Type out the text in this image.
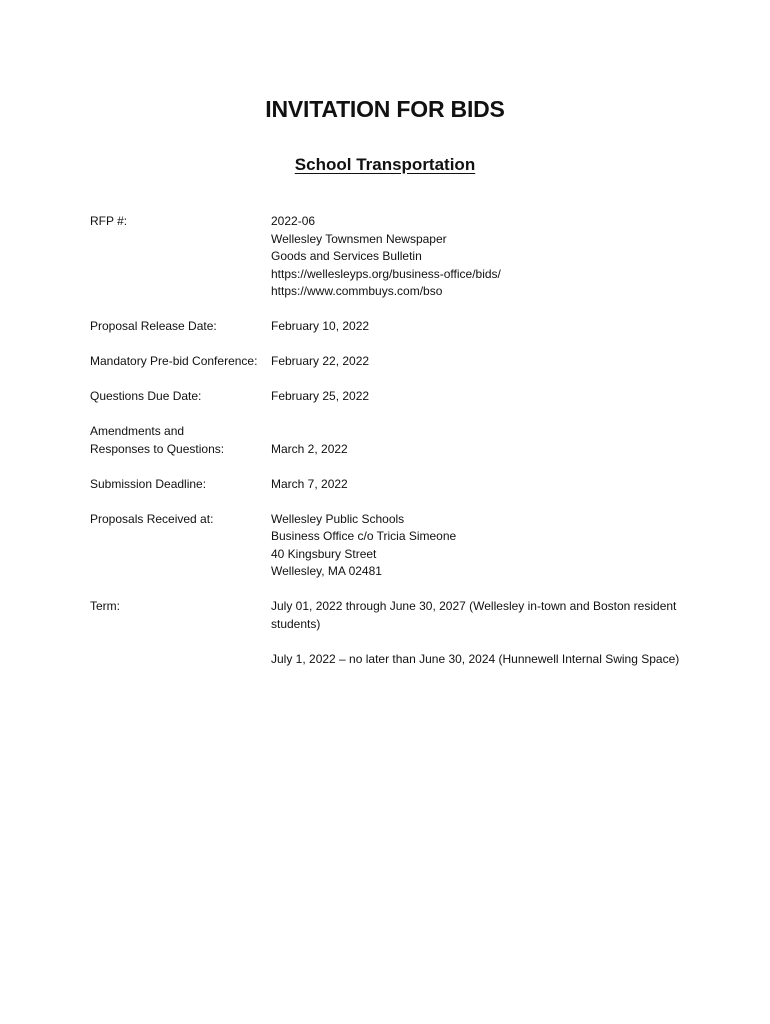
INVITATION FOR BIDS
School Transportation
RFP #:	2022-06
Wellesley Townsmen Newspaper
Goods and Services Bulletin
https://wellesleyps.org/business-office/bids/
https://www.commbuys.com/bso
Proposal Release Date:	February 10, 2022
Mandatory Pre-bid Conference:	February 22, 2022
Questions Due Date:	February 25, 2022
Amendments and
Responses to Questions:	March 2, 2022
Submission Deadline:	March 7, 2022
Proposals Received at:	Wellesley Public Schools
Business Office c/o Tricia Simeone
40 Kingsbury Street
Wellesley, MA 02481
Term:	July 01, 2022 through June 30, 2027 (Wellesley in-town and Boston resident students)
July 1, 2022 – no later than June 30, 2024 (Hunnewell Internal Swing Space)
